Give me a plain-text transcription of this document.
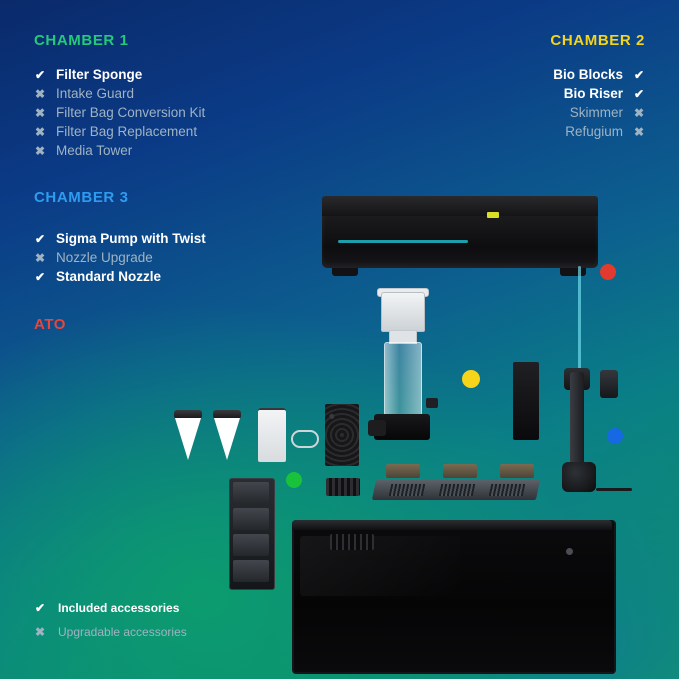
CHAMBER 1
✔ Filter Sponge
✖ Intake Guard
✖ Filter Bag Conversion Kit
✖ Filter Bag Replacement
✖ Media Tower
CHAMBER 2
Bio Blocks ✔
Bio Riser ✔
Skimmer ✖
Refugium ✖
CHAMBER 3
✔ Sigma Pump with Twist
✖ Nozzle Upgrade
✔ Standard Nozzle
ATO
✔ Included accessories
✖ Upgradable accessories
